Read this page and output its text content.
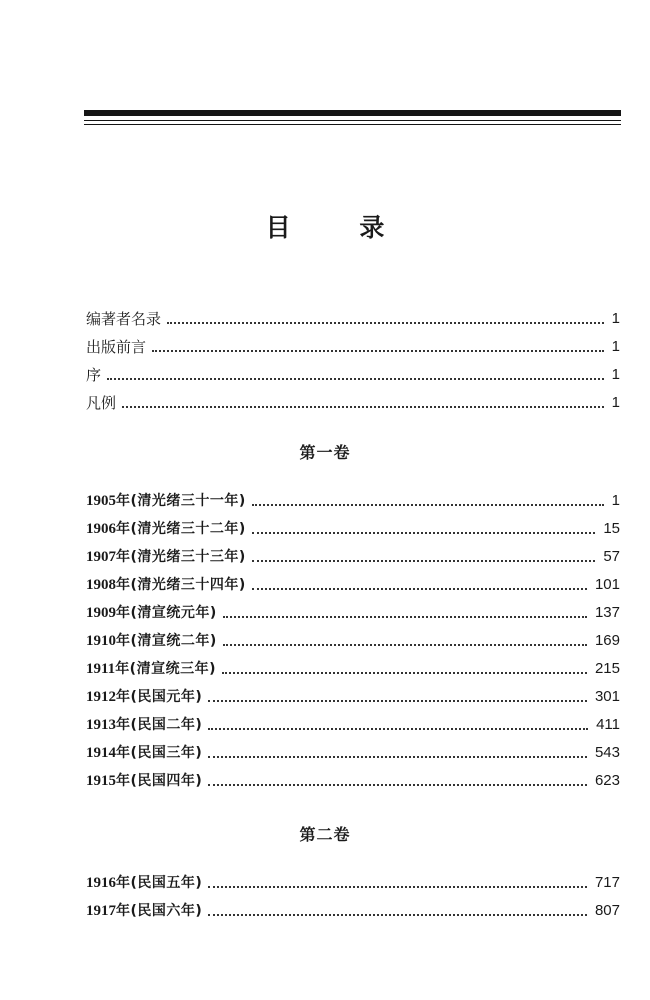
目 录
编著者名录	1
出版前言	1
序	1
凡例	1
第一卷
1905年(清光绪三十一年)	1
1906年(清光绪三十二年)	15
1907年(清光绪三十三年)	57
1908年(清光绪三十四年)	101
1909年(清宣统元年)	137
1910年(清宣统二年)	169
1911年(清宣统三年)	215
1912年(民国元年)	301
1913年(民国二年)	411
1914年(民国三年)	543
1915年(民国四年)	623
第二卷
1916年(民国五年)	717
1917年(民国六年)	807
